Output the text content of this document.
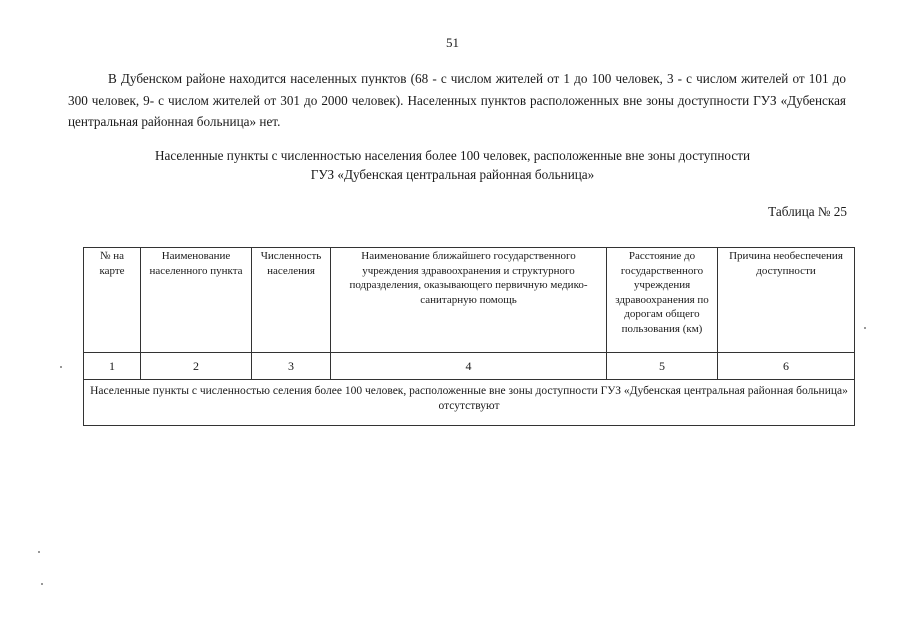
51

В Дубенском районе находится населенных пунктов (68 - с числом жителей от 1 до 100 человек, 3 - с числом жителей от 101 до 300 человек, 9- с числом жителей от 301 до 2000 человек). Населенных пунктов расположенных вне зоны доступности ГУЗ «Дубенская центральная районная больница» нет.

Населенные пункты с численностью населения более 100 человек, расположенные вне зоны доступности
ГУЗ «Дубенская центральная районная больница»
Таблица № 25
№ на карте	Наименование населенного пункта	Численность населения	Наименование ближайшего государственного учреждения здравоохранения и структурного подразделения, оказывающего первичную медико-санитарную помощь	Расстояние до государственного учреждения здравоохранения по дорогам общего пользования (км)	Причина необеспечения доступности
1	2	3	4	5	6
Населенные пункты с численностью селения более 100 человек, расположенные вне зоны доступности ГУЗ «Дубенская центральная районная больница» отсутствуют					
